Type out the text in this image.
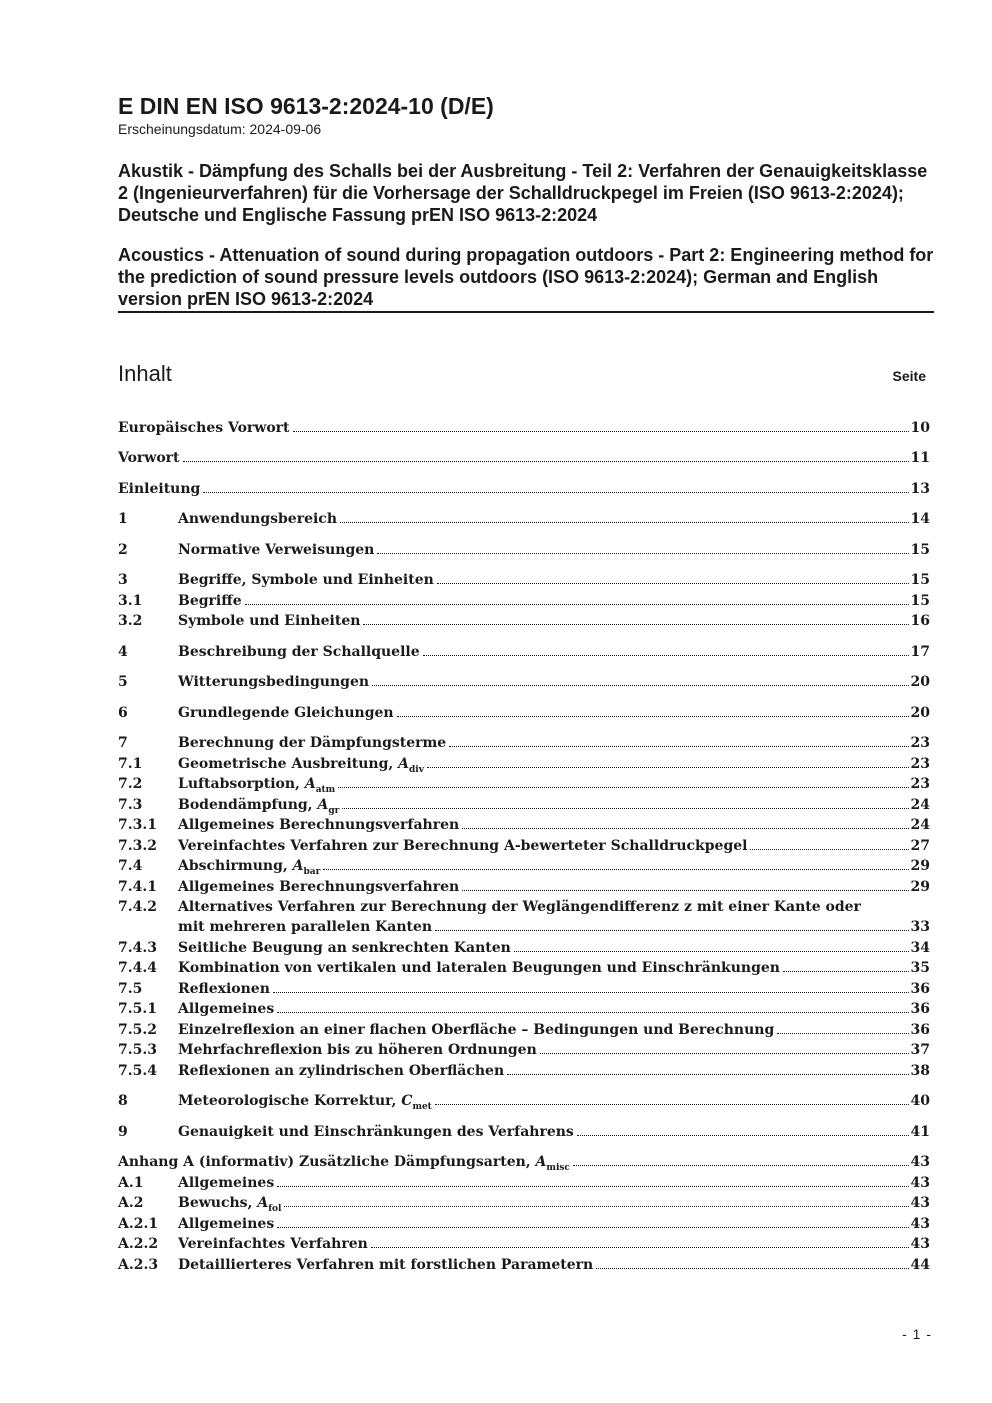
E DIN EN ISO 9613-2:2024-10 (D/E)

Erscheinungsdatum: 2024-09-06

Akustik - Dämpfung des Schalls bei der Ausbreitung - Teil 2: Verfahren der Genauigkeitsklasse 2 (Ingenieurverfahren) für die Vorhersage der Schalldruckpegel im Freien (ISO 9613-2:2024); Deutsche und Englische Fassung prEN ISO 9613-2:2024
Acoustics - Attenuation of sound during propagation outdoors - Part 2: Engineering method for the prediction of sound pressure levels outdoors (ISO 9613-2:2024); German and English version prEN ISO 9613-2:2024
Inhalt	Seite
Europäisches Vorwort	10
Vorwort	11
Einleitung	13
1	Anwendungsbereich	14
2	Normative Verweisungen	15
3	Begriffe, Symbole und Einheiten	15
3.1	Begriffe	15
3.2	Symbole und Einheiten	16
4	Beschreibung der Schallquelle	17
5	Witterungsbedingungen	20
6	Grundlegende Gleichungen	20
7	Berechnung der Dämpfungsterme	23
7.1	Geometrische Ausbreitung, $A_{div}$	23
7.2	Luftabsorption, $A_{atm}$	23
7.3	Bodendämpfung, $A_{gr}$	24
7.3.1 Allgemeines Berechnungsverfahren	24
7.3.2 Vereinfachtes Verfahren zur Berechnung A-bewerteter Schalldruckpegel	27
7.4	Abschirmung, $A_{bar}$	29
7.4.1 Allgemeines Berechnungsverfahren	29
7.4.2 Alternatives Verfahren zur Berechnung der Weglängendifferenz z mit einer Kante oder
mit mehreren parallelen Kanten	33
7.4.3 Seitliche Beugung an senkrechten Kanten	34
7.4.4 Kombination von vertikalen und lateralen Beugungen und Einschränkungen	35
7.5	Reflexionen	36
7.5.1 Allgemeines	36
7.5.2 Einzelreflexion an einer flachen Oberfläche – Bedingungen und Berechnung	36
7.5.3 Mehrfachreflexion bis zu höheren Ordnungen	37
7.5.4 Reflexionen an zylindrischen Oberflächen	38
8	Meteorologische Korrektur, $C_{met}$	40
9	Genauigkeit und Einschränkungen des Verfahrens	41
Anhang A (informativ) Zusätzliche Dämpfungsarten, $A_{misc}$	43
A.1 Allgemeines	43
A.2 Bewuchs, $A_{fol}$	43
A.2.1 Allgemeines	43
A.2.2 Vereinfachtes Verfahren	43
A.2.3 Detaillierteres Verfahren mit forstlichen Parametern	44
- 1 -
